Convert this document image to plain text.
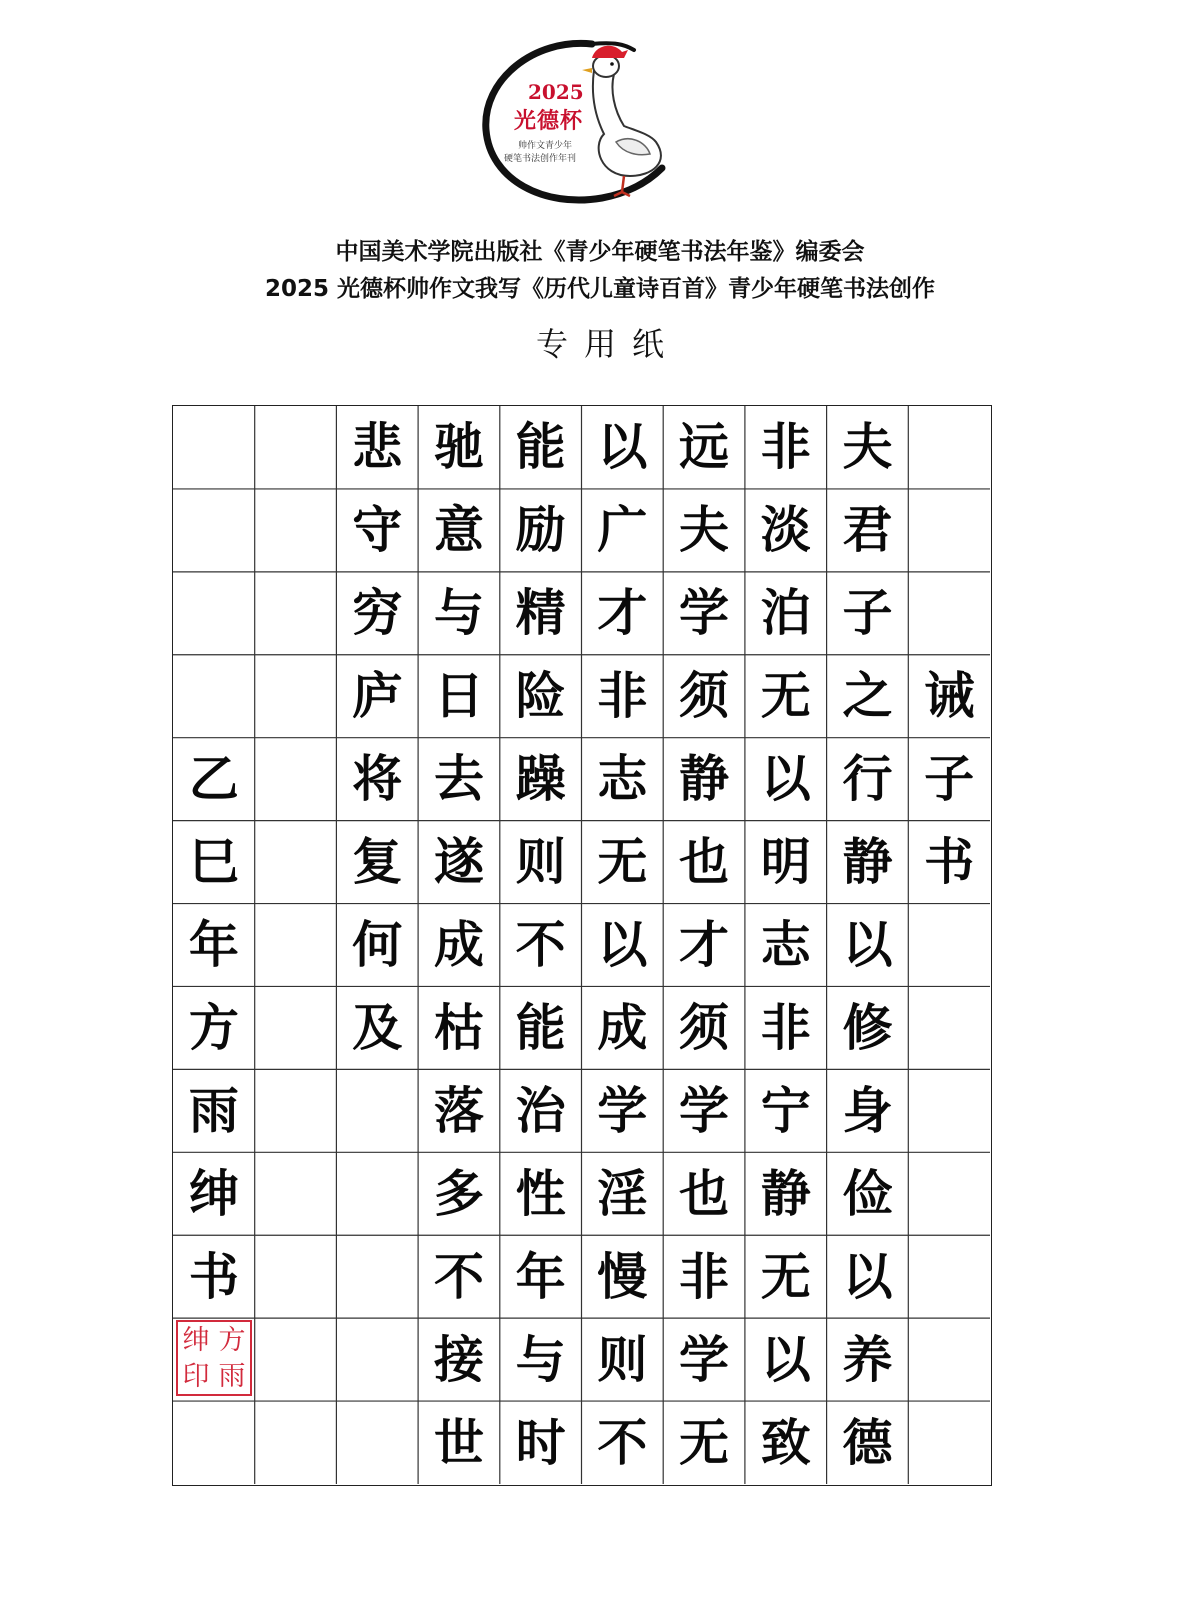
2025
光德杯
帅作文青少年
硬笔书法创作年刊
中国美术学院出版社《青少年硬笔书法年鉴》编委会
2025 光德杯帅作文我写《历代儿童诗百首》青少年硬笔书法创作
专用纸
诫
子
书
夫
君
子
之
行
静
以
修
身
俭
以
养
德
非
淡
泊
无
以
明
志
非
宁
静
无
以
致
远
夫
学
须
静
也
才
须
学
也
非
学
无
以
广
才
非
志
无
以
成
学
淫
慢
则
不
能
励
精
险
躁
则
不
能
治
性
年
与
时
驰
意
与
日
去
遂
成
枯
落
多
不
接
世
悲
守
穷
庐
将
复
何
及
乙
巳
年
方
雨
绅
书
绅 方
印 雨
